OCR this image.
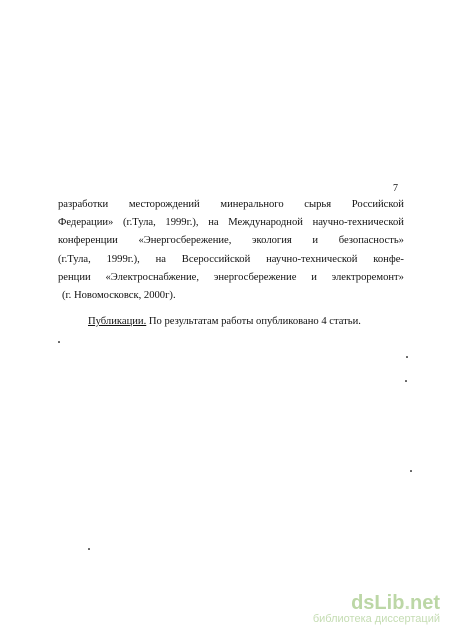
7
разработки месторождений минерального сырья Российской
Федерации» (г.Тула, 1999г.), на Международной научно-технической
конференции «Энергосбережение, экология и безопасность»
(г.Тула, 1999г.), на Всероссийской научно-технической конфе-
ренции «Электроснабжение, энергосбережение и электроремонт»
(г. Новомосковск, 2000г).
Публикации. По результатам работы опубликовано 4 статьи.
dsLib.net
библиотека диссертаций
